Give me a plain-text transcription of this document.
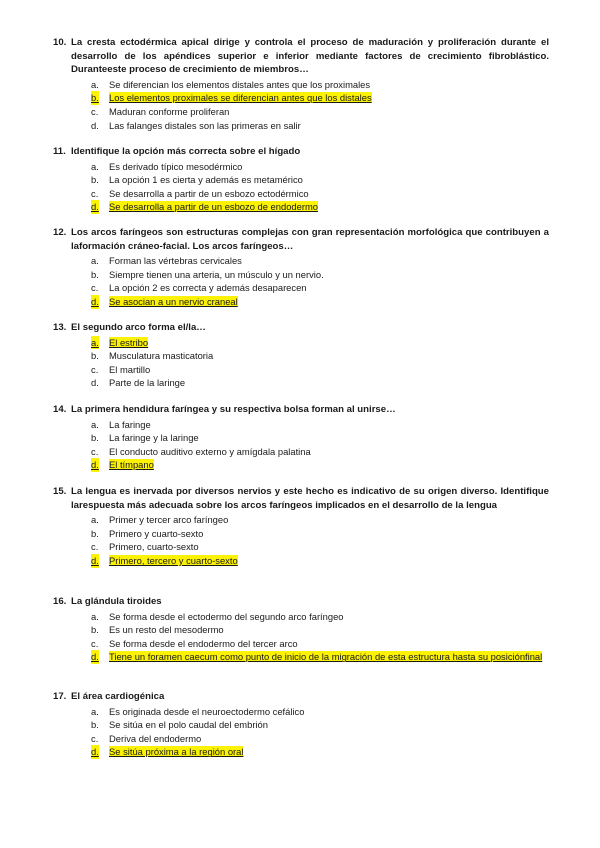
10. La cresta ectodérmica apical dirige y controla el proceso de maduración y proliferación durante el desarrollo de los apéndices superior e inferior mediante factores de crecimiento fibroblástico. Duranteeste proceso de crecimiento de miembros…
a. Se diferencian los elementos distales antes que los proximales
b. Los elementos proximales se diferencian antes que los distales
c. Maduran conforme proliferan
d. Las falanges distales son las primeras en salir
11. Identifique la opción más correcta sobre el hígado
a. Es derivado típico mesodérmico
b. La opción 1 es cierta y además es metamérico
c. Se desarrolla a partir de un esbozo ectodérmico
d. Se desarrolla a partir de un esbozo de endodermo
12. Los arcos faríngeos son estructuras complejas con gran representación morfológica que contribuyen a laformación cráneo-facial. Los arcos faríngeos…
a. Forman las vértebras cervicales
b. Siempre tienen una arteria, un músculo y un nervio.
c. La opción 2 es correcta y además desaparecen
d. Se asocian a un nervio craneal
13. El segundo arco forma el/la…
a. El estribo
b. Musculatura masticatoria
c. El martillo
d. Parte de la laringe
14. La primera hendidura faríngea y su respectiva bolsa forman al unirse…
a. La faringe
b. La faringe y la laringe
c. El conducto auditivo externo y amígdala palatina
d. El tímpano
15. La lengua es inervada por diversos nervios y este hecho es indicativo de su origen diverso. Identifique larespuesta más adecuada sobre los arcos faríngeos implicados en el desarrollo de la lengua
a. Primer y tercer arco faríngeo
b. Primero y cuarto-sexto
c. Primero, cuarto-sexto
d. Primero, tercero y cuarto-sexto
16. La glándula tiroides
a. Se forma desde el ectodermo del segundo arco faríngeo
b. Es un resto del mesodermo
c. Se forma desde el endodermo del tercer arco
d. Tiene un foramen caecum como punto de inicio de la migración de esta estructura hasta su posiciónfinal
17. El área cardiogénica
a. Es originada desde el neuroectodermo cefálico
b. Se sitúa en el polo caudal del embrión
c. Deriva del endodermo
d. Se sitúa próxima a la región oral
